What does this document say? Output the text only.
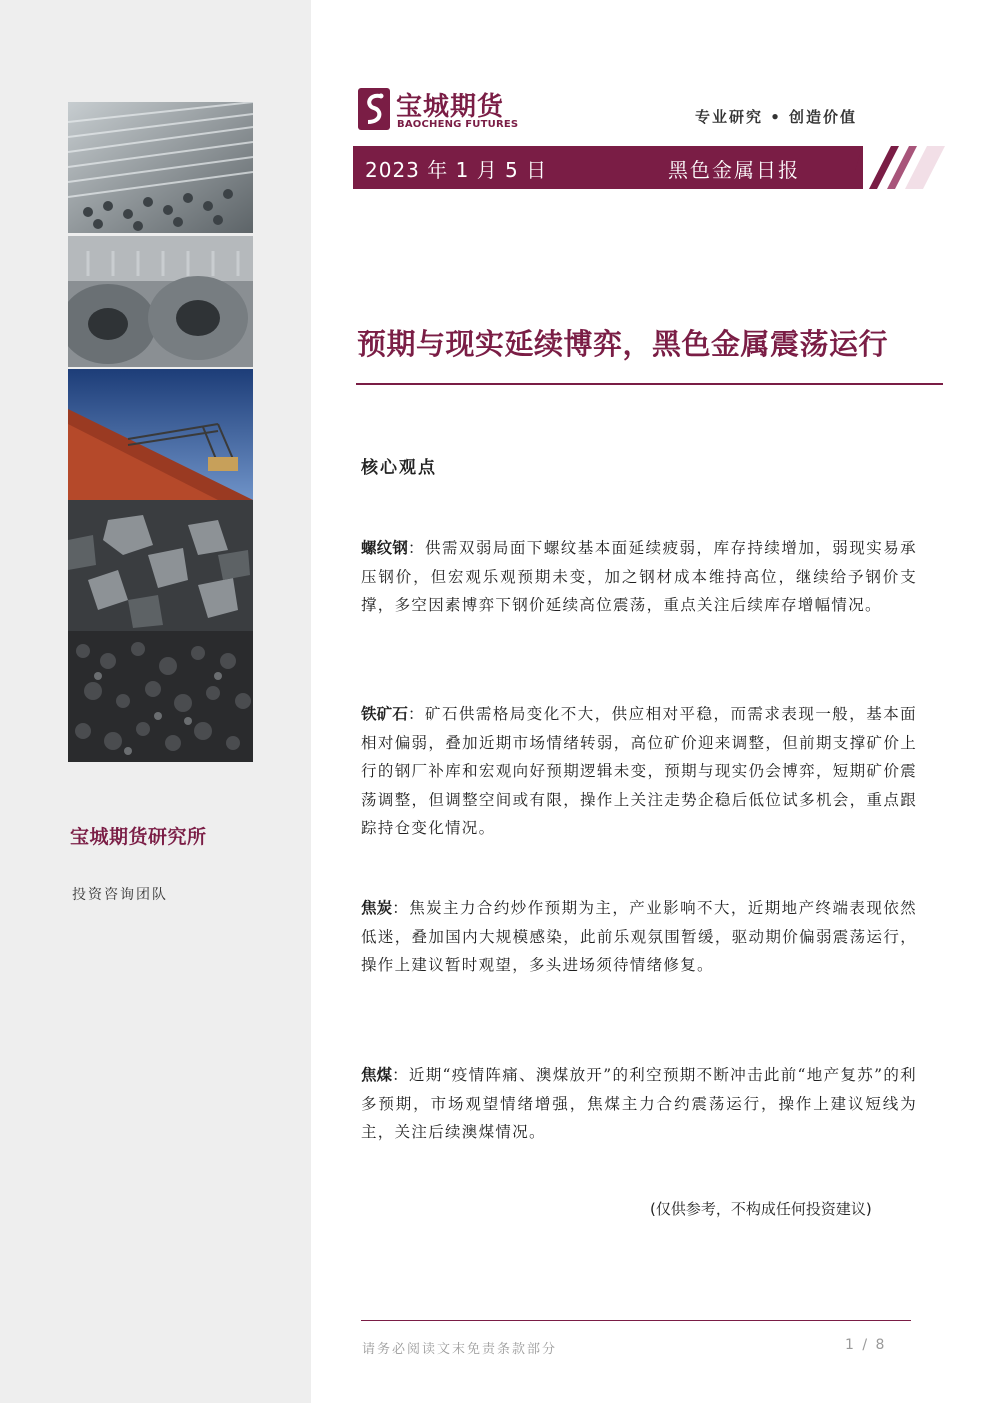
宝城期货研究所
投资咨询团队
宝城期货
BAOCHENG FUTURES	专业研究 • 创造价值
2023 年 1 月 5 日	黑色金属日报
预期与现实延续博弈，黑色金属震荡运行
核心观点
螺纹钢：供需双弱局面下螺纹基本面延续疲弱，库存持续增加，弱现实易承压钢价，但宏观乐观预期未变，加之钢材成本维持高位，继续给予钢价支撑，多空因素博弈下钢价延续高位震荡，重点关注后续库存增幅情况。
铁矿石：矿石供需格局变化不大，供应相对平稳，而需求表现一般，基本面相对偏弱，叠加近期市场情绪转弱，高位矿价迎来调整，但前期支撑矿价上行的钢厂补库和宏观向好预期逻辑未变，预期与现实仍会博弈，短期矿价震荡调整，但调整空间或有限，操作上关注走势企稳后低位试多机会，重点跟踪持仓变化情况。
焦炭：焦炭主力合约炒作预期为主，产业影响不大，近期地产终端表现依然低迷，叠加国内大规模感染，此前乐观氛围暂缓，驱动期价偏弱震荡运行，操作上建议暂时观望，多头进场须待情绪修复。
焦煤：近期“疫情阵痛、澳煤放开”的利空预期不断冲击此前“地产复苏”的利多预期，市场观望情绪增强，焦煤主力合约震荡运行，操作上建议短线为主，关注后续澳煤情况。
(仅供参考，不构成任何投资建议)
请务必阅读文末免责条款部分	1 / 8
